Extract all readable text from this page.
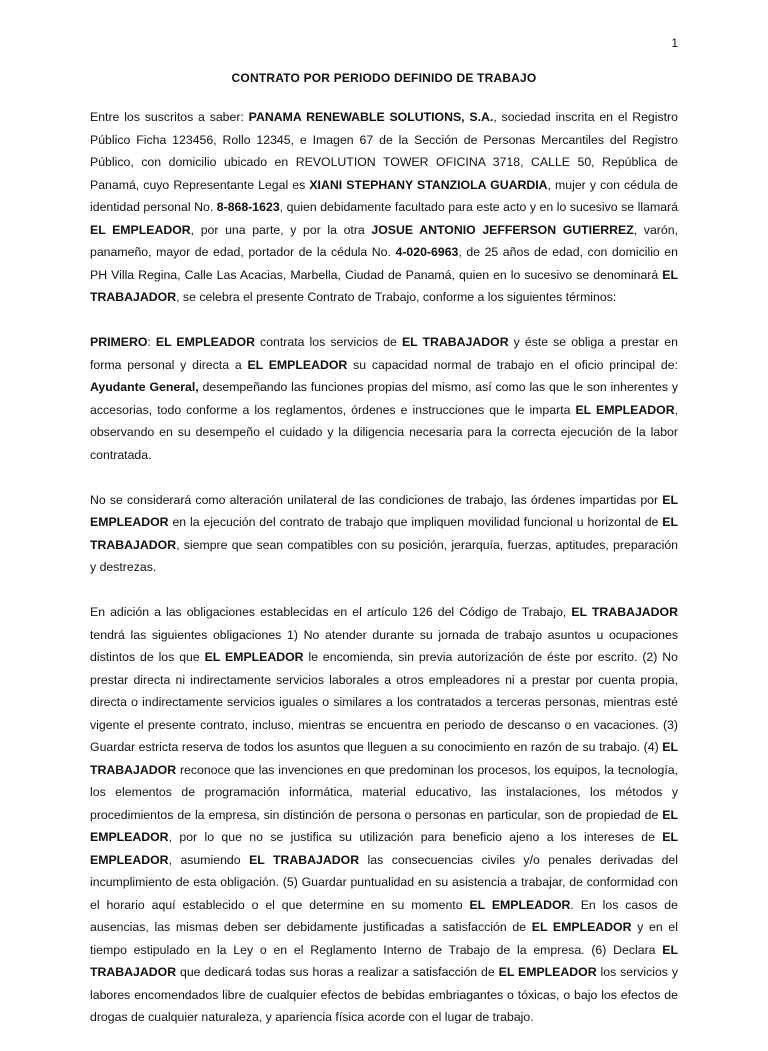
1
CONTRATO POR PERIODO DEFINIDO DE TRABAJO

Entre los suscritos a saber: PANAMA RENEWABLE SOLUTIONS, S.A., sociedad inscrita en el Registro Público Ficha 123456, Rollo 12345, e Imagen 67 de la Sección de Personas Mercantiles del Registro Público, con domicilio ubicado en REVOLUTION TOWER OFICINA 3718, CALLE 50, República de Panamá, cuyo Representante Legal es XIANI STEPHANY STANZIOLA GUARDIA, mujer y con cédula de identidad personal No. 8-868-1623, quien debidamente facultado para este acto y en lo sucesivo se llamará EL EMPLEADOR, por una parte, y por la otra JOSUE ANTONIO JEFFERSON GUTIERREZ, varón, panameño, mayor de edad, portador de la cédula No. 4-020-6963, de 25 años de edad, con domicilio en PH Villa Regina, Calle Las Acacias, Marbella, Ciudad de Panamá, quien en lo sucesivo se denominará EL TRABAJADOR, se celebra el presente Contrato de Trabajo, conforme a los siguientes términos:

PRIMERO: EL EMPLEADOR contrata los servicios de EL TRABAJADOR y éste se obliga a prestar en forma personal y directa a EL EMPLEADOR su capacidad normal de trabajo en el oficio principal de: Ayudante General, desempeñando las funciones propias del mismo, así como las que le son inherentes y accesorias, todo conforme a los reglamentos, órdenes e instrucciones que le imparta EL EMPLEADOR, observando en su desempeño el cuidado y la diligencia necesaria para la correcta ejecución de la labor contratada.

No se considerará como alteración unilateral de las condiciones de trabajo, las órdenes impartidas por EL EMPLEADOR en la ejecución del contrato de trabajo que impliquen movilidad funcional u horizontal de EL TRABAJADOR, siempre que sean compatibles con su posición, jerarquía, fuerzas, aptitudes, preparación y destrezas.

En adición a las obligaciones establecidas en el artículo 126 del Código de Trabajo, EL TRABAJADOR tendrá las siguientes obligaciones 1) No atender durante su jornada de trabajo asuntos u ocupaciones distintos de los que EL EMPLEADOR le encomienda, sin previa autorización de éste por escrito. (2) No prestar directa ni indirectamente servicios laborales a otros empleadores ni a prestar por cuenta propia, directa o indirectamente servicios iguales o similares a los contratados a terceras personas, mientras esté vigente el presente contrato, incluso, mientras se encuentra en periodo de descanso o en vacaciones. (3) Guardar estricta reserva de todos los asuntos que lleguen a su conocimiento en razón de su trabajo. (4) EL TRABAJADOR reconoce que las invenciones en que predominan los procesos, los equipos, la tecnología, los elementos de programación informática, material educativo, las instalaciones, los métodos y procedimientos de la empresa, sin distinción de persona o personas en particular, son de propiedad de EL EMPLEADOR, por lo que no se justifica su utilización para beneficio ajeno a los intereses de EL EMPLEADOR, asumiendo EL TRABAJADOR las consecuencias civiles y/o penales derivadas del incumplimiento de esta obligación. (5) Guardar puntualidad en su asistencia a trabajar, de conformidad con el horario aquí establecido o el que determine en su momento EL EMPLEADOR. En los casos de ausencias, las mismas deben ser debidamente justificadas a satisfacción de EL EMPLEADOR y en el tiempo estipulado en la Ley o en el Reglamento Interno de Trabajo de la empresa. (6) Declara EL TRABAJADOR que dedicará todas sus horas a realizar a satisfacción de EL EMPLEADOR los servicios y labores encomendados libre de cualquier efectos de bebidas embriagantes o tóxicas, o bajo los efectos de drogas de cualquier naturaleza, y apariencia física acorde con el lugar de trabajo.
